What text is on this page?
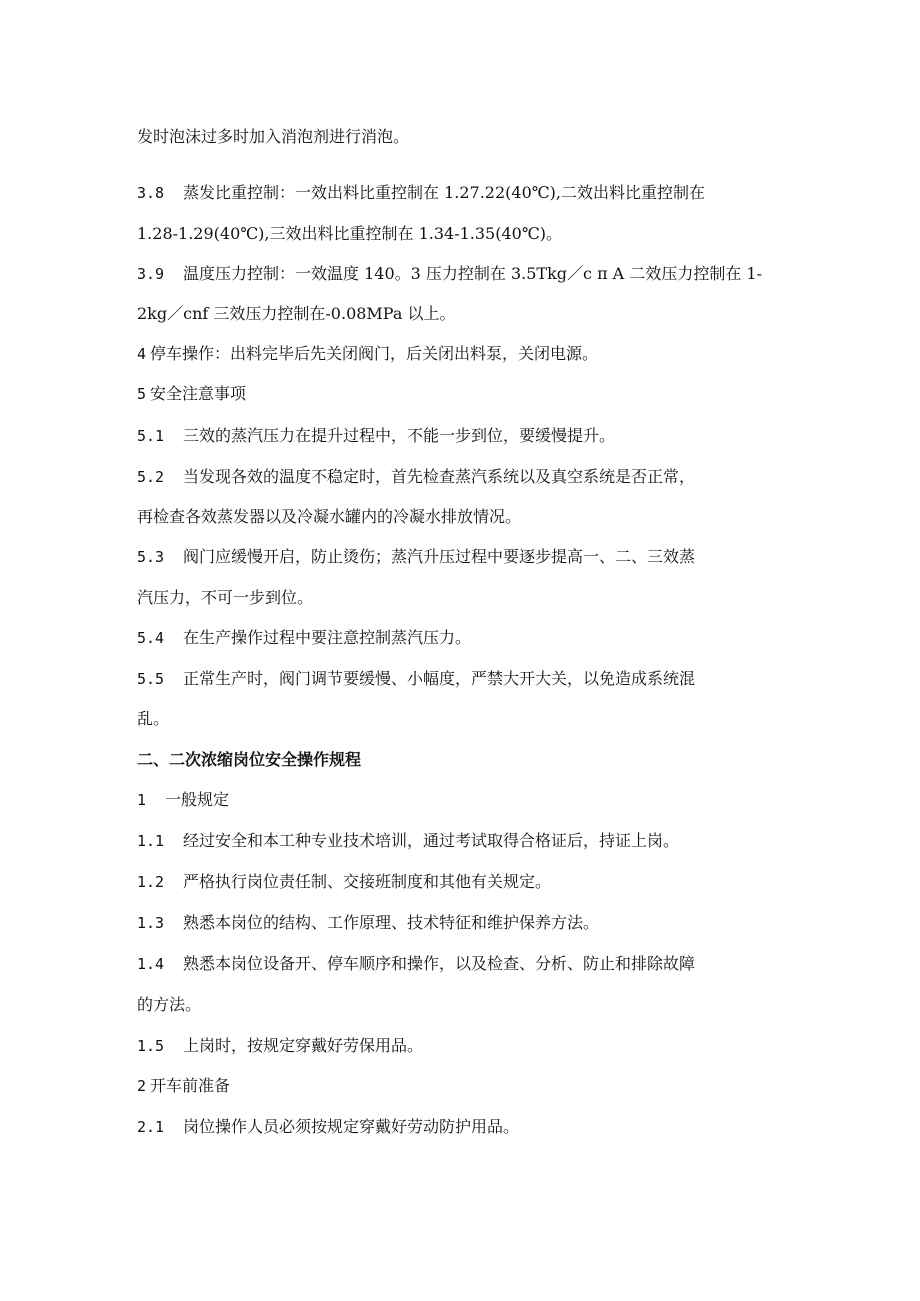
发时泡沫过多时加入消泡剂进行消泡。
3.8 蒸发比重控制：一效出料比重控制在 1.27.22(40℃),二效出料比重控制在
1.28-1.29(40℃),三效出料比重控制在 1.34-1.35(40℃)。
3.9 温度压力控制：一效温度 140。3 压力控制在 3.5Tkg／c π A 二效压力控制在 1-
2kg／cnf 三效压力控制在-0.08MPa 以上。
4 停车操作：出料完毕后先关闭阀门，后关闭出料泵，关闭电源。
5 安全注意事项
5.1 三效的蒸汽压力在提升过程中，不能一步到位，要缓慢提升。
5.2 当发现各效的温度不稳定时，首先检查蒸汽系统以及真空系统是否正常，
再检查各效蒸发器以及冷凝水罐内的冷凝水排放情况。
5.3 阀门应缓慢开启，防止烫伤；蒸汽升压过程中要逐步提高一、二、三效蒸
汽压力，不可一步到位。
5.4 在生产操作过程中要注意控制蒸汽压力。
5.5 正常生产时，阀门调节要缓慢、小幅度，严禁大开大关，以免造成系统混
乱。
二、二次浓缩岗位安全操作规程
1 一般规定
1.1 经过安全和本工种专业技术培训，通过考试取得合格证后，持证上岗。
1.2 严格执行岗位责任制、交接班制度和其他有关规定。
1.3 熟悉本岗位的结构、工作原理、技术特征和维护保养方法。
1.4 熟悉本岗位设备开、停车顺序和操作，以及检查、分析、防止和排除故障
的方法。
1.5 上岗时，按规定穿戴好劳保用品。
2 开车前准备
2.1 岗位操作人员必须按规定穿戴好劳动防护用品。
